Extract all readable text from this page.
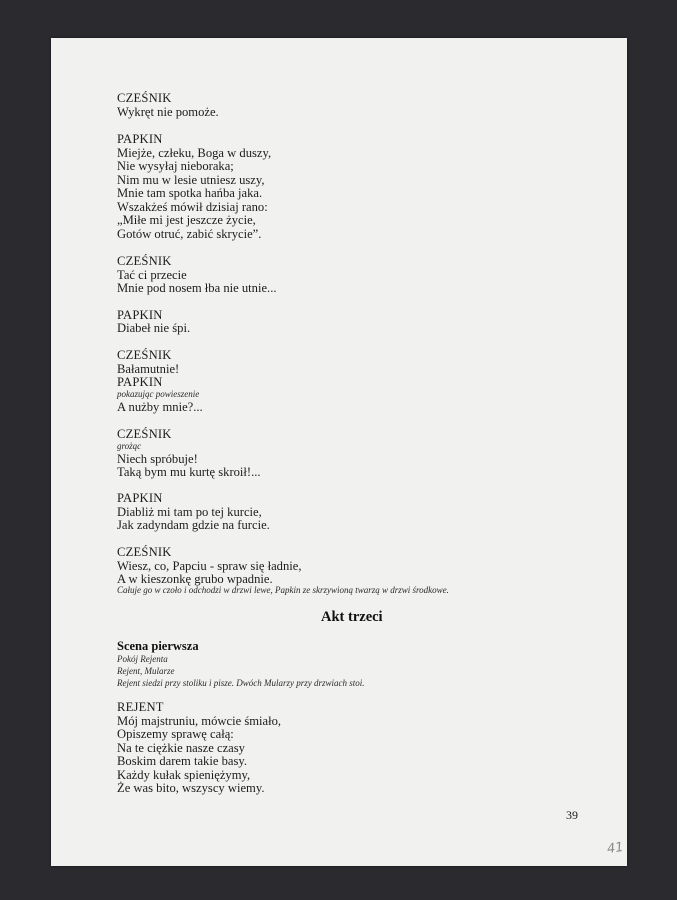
CZEŚNIK
Wykręt nie pomoże.
PAPKIN
Miejże, człeku, Boga w duszy,
Nie wysyłaj nieboraka;
Nim mu w lesie utniesz uszy,
Mnie tam spotka hańba jaka.
Wszakżeś mówił dzisiaj rano:
„Miłe mi jest jeszcze życie,
Gotów otruć, zabić skrycie”.
CZEŚNIK
Tać ci przecie
Mnie pod nosem łba nie utnie...
PAPKIN
Diabeł nie śpi.
CZEŚNIK
Bałamutnie!
PAPKIN
pokazując powieszenie
A nużby mnie?...
CZEŚNIK
grożąc
Niech spróbuje!
Taką bym mu kurtę skroił!...
PAPKIN
Diabliż mi tam po tej kurcie,
Jak zadyndam gdzie na furcie.
CZEŚNIK
Wiesz, co, Papciu - spraw się ładnie,
A w kieszonkę grubo wpadnie.
Całuje go w czoło i odchodzi w drzwi lewe, Papkin ze skrzywioną twarzą w drzwi środkowe.
Akt trzeci
Scena pierwsza
Pokój Rejenta
Rejent, Mularze
Rejent siedzi przy stoliku i pisze. Dwóch Mularzy przy drzwiach stoi.
REJENT
Mój majstruniu, mówcie śmiało,
Opiszemy sprawę całą:
Na te ciężkie nasze czasy
Boskim darem takie basy.
Każdy kułak spieniężymy,
Że was bito, wszyscy wiemy.
39
41
